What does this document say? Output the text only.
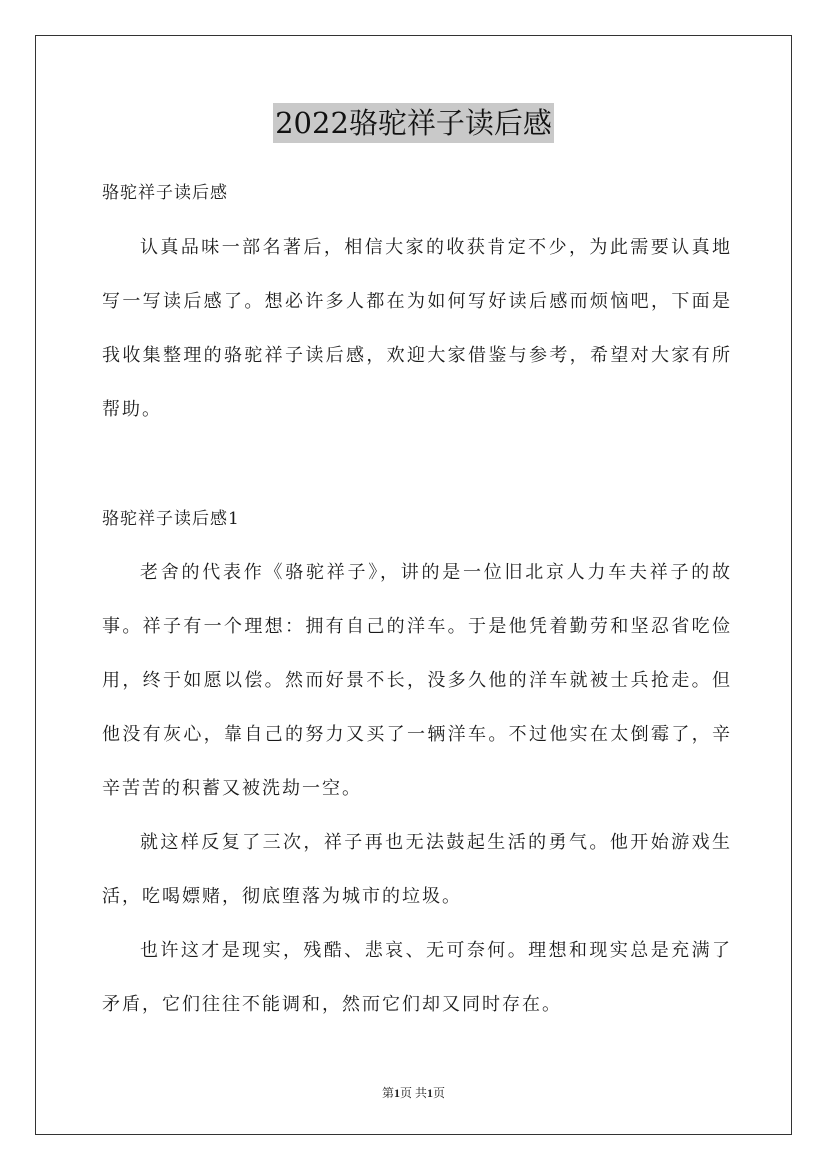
2022骆驼祥子读后感
骆驼祥子读后感

认真品味一部名著后，相信大家的收获肯定不少，为此需要认真地写一写读后感了。想必许多人都在为如何写好读后感而烦恼吧，下面是我收集整理的骆驼祥子读后感，欢迎大家借鉴与参考，希望对大家有所帮助。

骆驼祥子读后感1

老舍的代表作《骆驼祥子》，讲的是一位旧北京人力车夫祥子的故事。祥子有一个理想：拥有自己的洋车。于是他凭着勤劳和坚忍省吃俭用，终于如愿以偿。然而好景不长，没多久他的洋车就被士兵抢走。但他没有灰心，靠自己的努力又买了一辆洋车。不过他实在太倒霉了，辛辛苦苦的积蓄又被洗劫一空。

就这样反复了三次，祥子再也无法鼓起生活的勇气。他开始游戏生活，吃喝嫖赌，彻底堕落为城市的垃圾。

也许这才是现实，残酷、悲哀、无可奈何。理想和现实总是充满了矛盾，它们往往不能调和，然而它们却又同时存在。

第1页 共1页
